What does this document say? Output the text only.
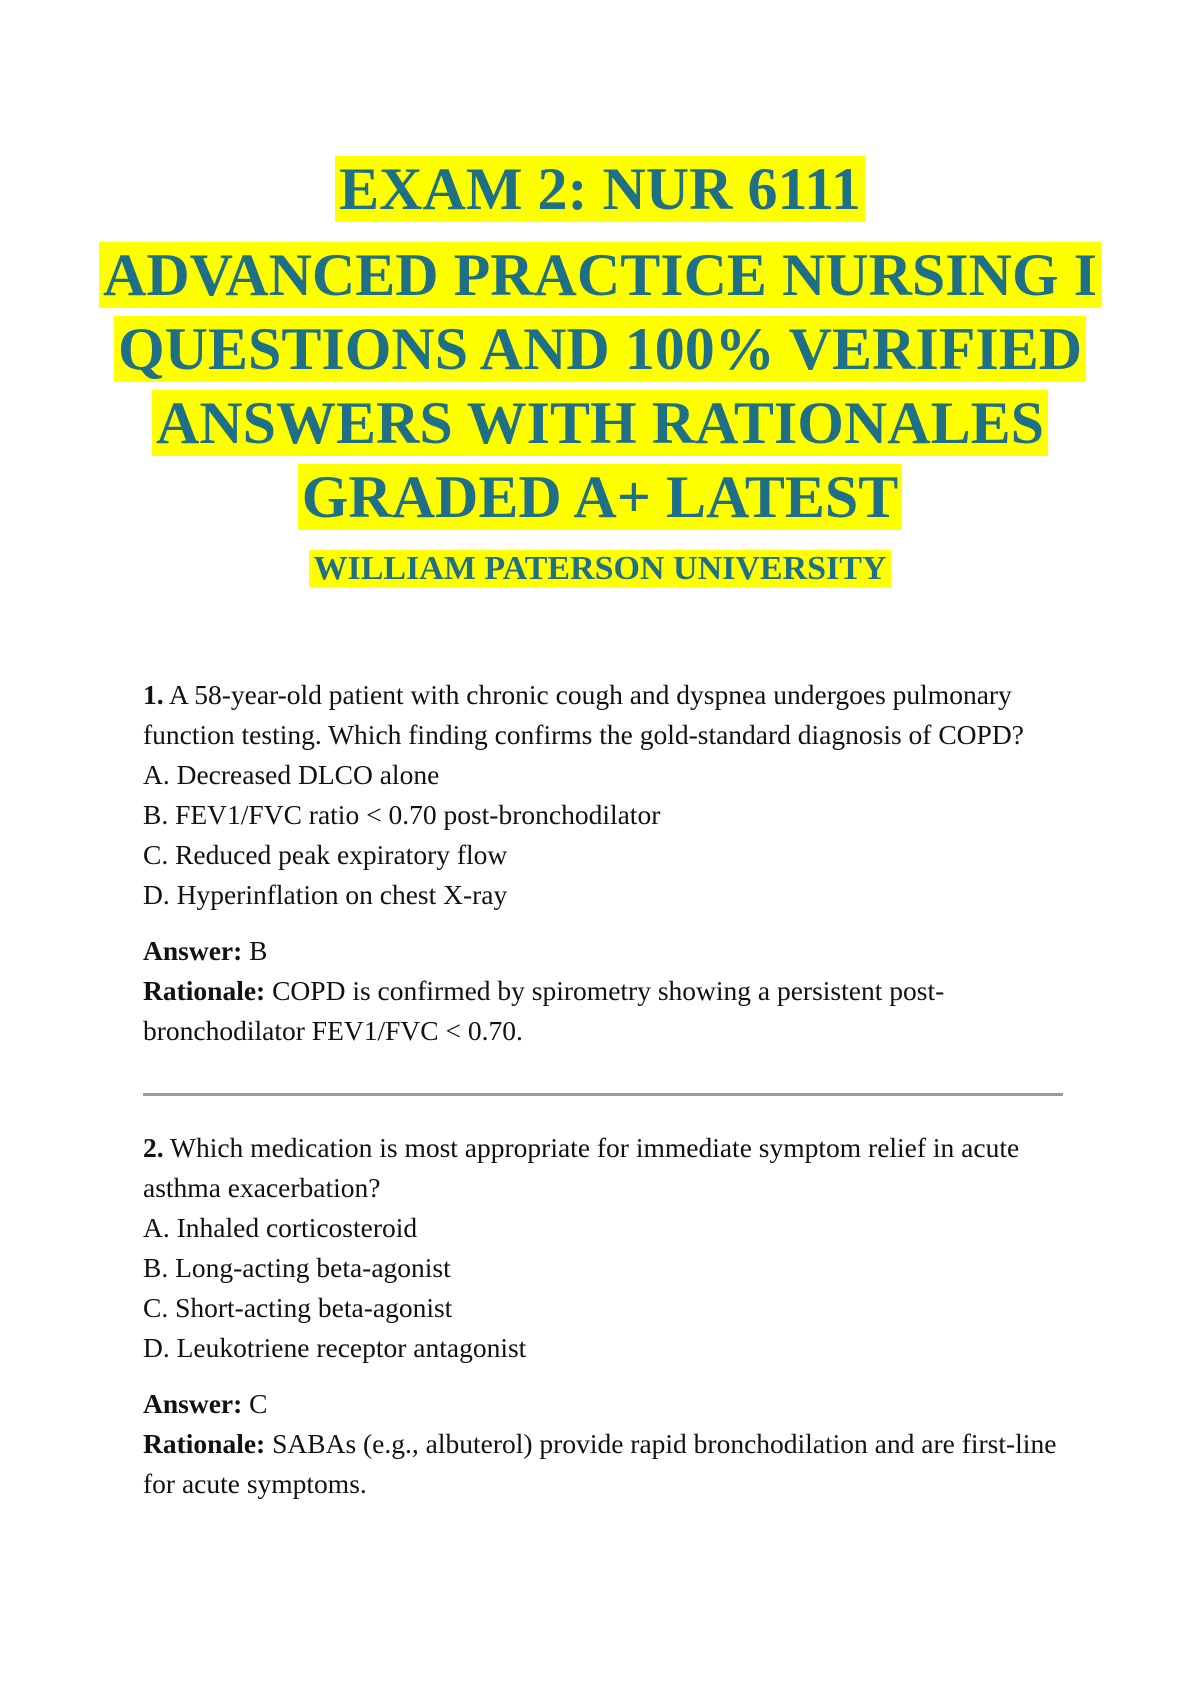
EXAM 2: NUR 6111

ADVANCED PRACTICE NURSING I
QUESTIONS AND 100% VERIFIED
ANSWERS WITH RATIONALES
GRADED A+ LATEST

WILLIAM PATERSON UNIVERSITY

1. A 58-year-old patient with chronic cough and dyspnea undergoes pulmonary function testing. Which finding confirms the gold-standard diagnosis of COPD?

A. Decreased DLCO alone

B. FEV1/FVC ratio < 0.70 post-bronchodilator

C. Reduced peak expiratory flow

D. Hyperinflation on chest X-ray

Answer: B

Rationale: COPD is confirmed by spirometry showing a persistent post-bronchodilator FEV1/FVC < 0.70.

2. Which medication is most appropriate for immediate symptom relief in acute asthma exacerbation?

A. Inhaled corticosteroid

B. Long-acting beta-agonist

C. Short-acting beta-agonist

D. Leukotriene receptor antagonist

Answer: C

Rationale: SABAs (e.g., albuterol) provide rapid bronchodilation and are first-line for acute symptoms.
